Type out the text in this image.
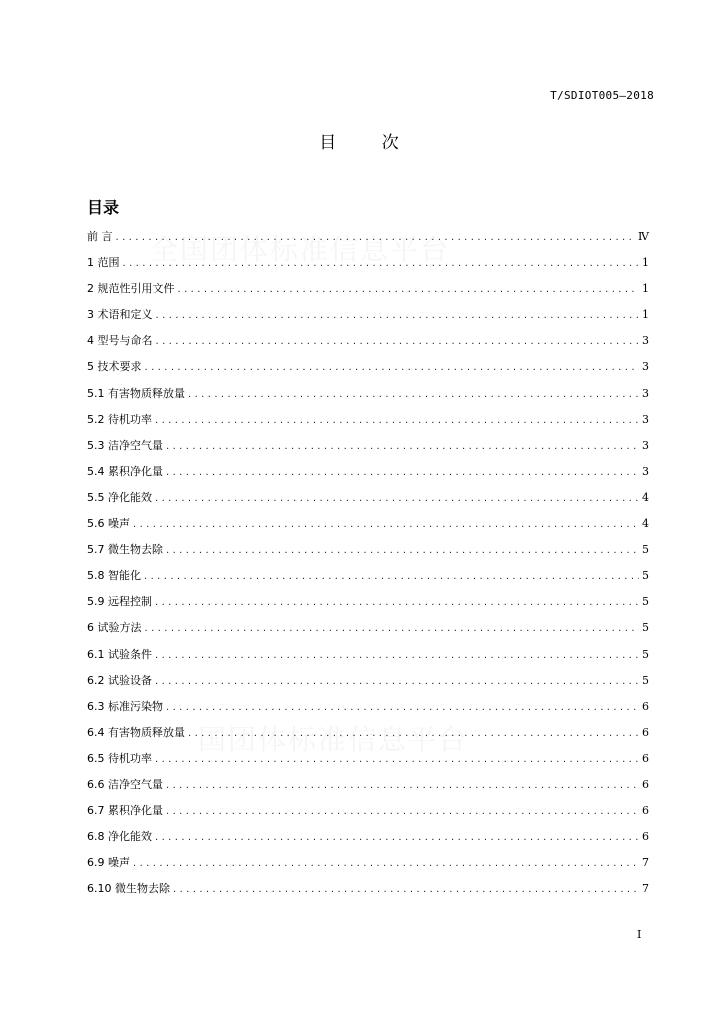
T/SDIOT005—2018
目 次
目录
前 言 .....	Ⅳ
1 范围 .....	1
2 规范性引用文件 .....	1
3 术语和定义 .....	1
4 型号与命名 .....	3
5 技术要求 .....	3
5.1 有害物质释放量 .....	3
5.2 待机功率 .....	3
5.3 洁净空气量 .....	3
5.4 累积净化量 .....	3
5.5 净化能效 .....	4
5.6 噪声 .....	4
5.7 微生物去除 .....	5
5.8 智能化 .....	5
5.9 远程控制 .....	5
6 试验方法 .....	5
6.1 试验条件 .....	5
6.2 试验设备 .....	5
6.3 标准污染物 .....	6
6.4 有害物质释放量 .....	6
6.5 待机功率 .....	6
6.6 洁净空气量 .....	6
6.7 累积净化量 .....	6
6.8 净化能效 .....	6
6.9 噪声 .....	7
6.10 微生物去除 .....	7
I
